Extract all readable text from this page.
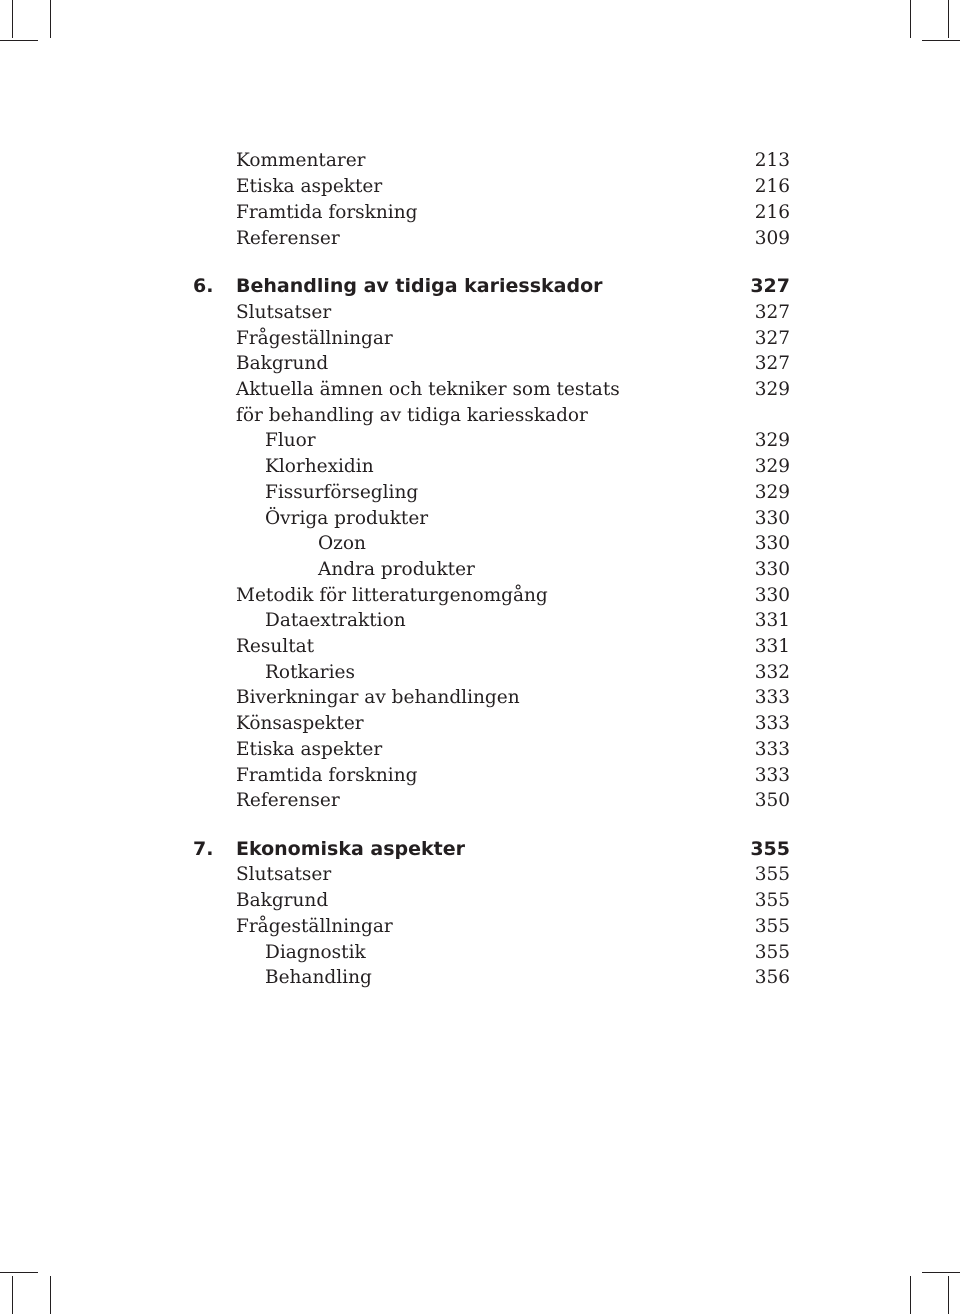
Kommentarer	213
Etiska aspekter	216
Framtida forskning	216
Referenser	309
6. Behandling av tidiga kariesskador	327
Slutsatser	327
Frågeställningar	327
Bakgrund	327
Aktuella ämnen och tekniker som testats	329
för behandling av tidiga kariesskador
Fluor	329
Klorhexidin	329
Fissurförsegling	329
Övriga produkter	330
Ozon	330
Andra produkter	330
Metodik för litteraturgenomgång	330
Dataextraktion	331
Resultat	331
Rotkaries	332
Biverkningar av behandlingen	333
Könsaspekter	333
Etiska aspekter	333
Framtida forskning	333
Referenser	350
7. Ekonomiska aspekter	355
Slutsatser	355
Bakgrund	355
Frågeställningar	355
Diagnostik	355
Behandling	356
